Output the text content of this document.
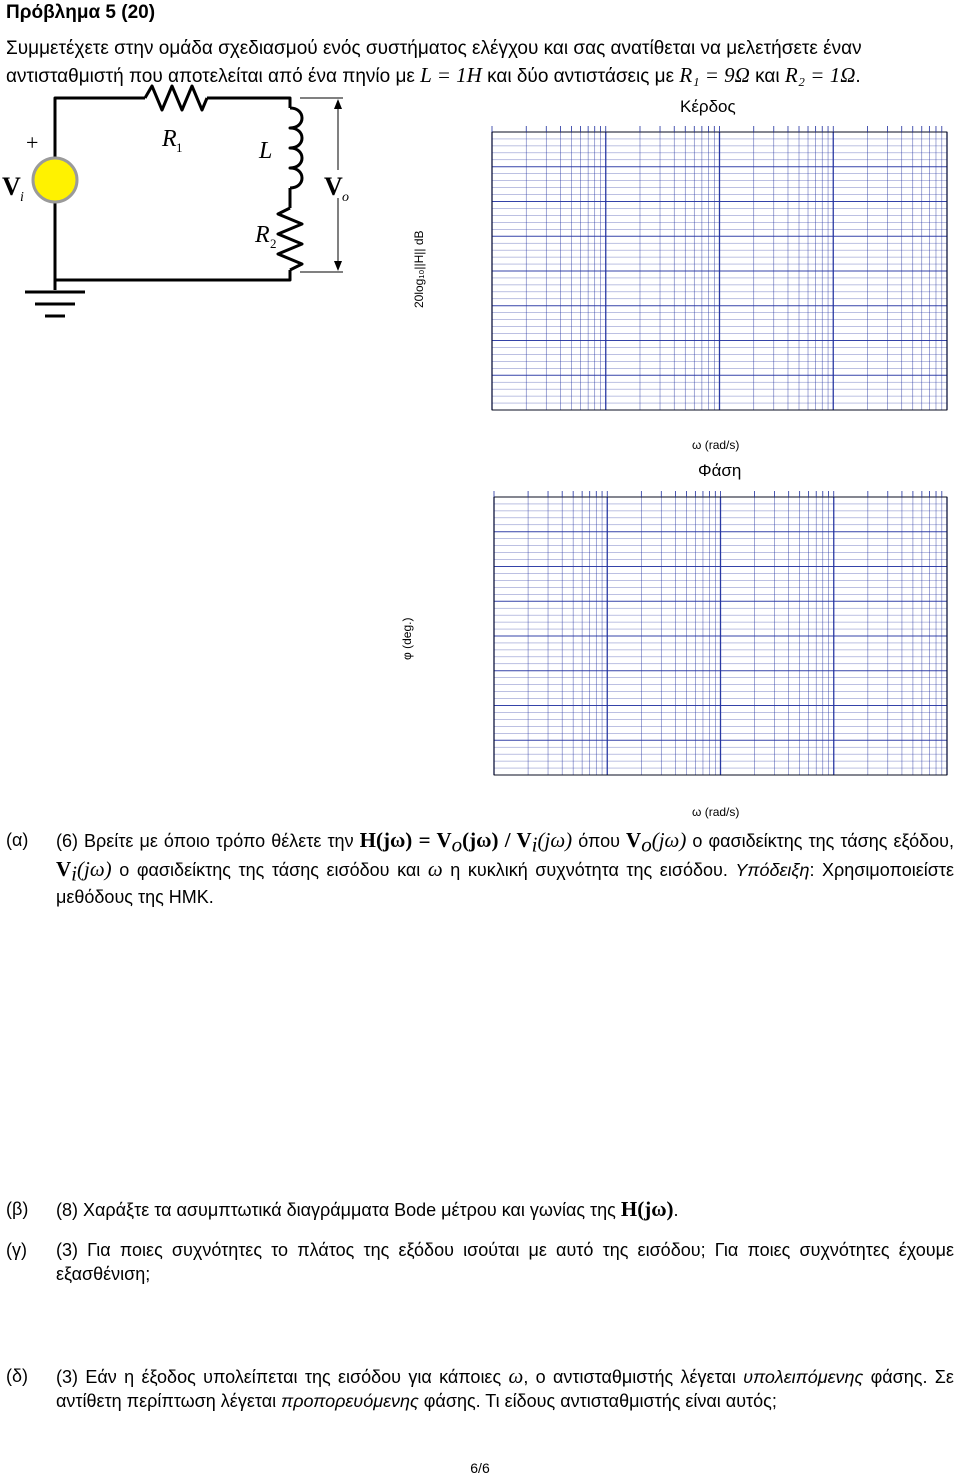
Πρόβλημα 5 (20)
Συμμετέχετε στην ομάδα σχεδιασμού ενός συστήματος ελέγχου και σας ανατίθεται να μελετήσετε έναν
αντισταθμιστή που αποτελείται από ένα πηνίο με L = 1H και δύο αντιστάσεις με R₁ = 9Ω και R₂ = 1Ω.
+
V i
R 1	L
V o
R 2
Κέρδος
20log₁₀||H|| dB
ω (rad/s)
Φάση
φ (deg.)
ω (rad/s)
(α) (6) Βρείτε με όποιο τρόπο θέλετε την $H(j\omega) = V_o(j\omega) / V_i(j\omega)$ όπου $V_o(j\omega)$ ο φασιδείκτης της τάσης εξόδου, $V_i(j\omega)$ ο φασιδείκτης της τάσης εισόδου και ω η κυκλική συχνότητα της εισόδου. Υπόδειξη: Χρησιμοποιείστε μεθόδους της ΗΜΚ.
(β) (8) Χαράξτε τα ασυμπτωτικά διαγράμματα Bode μέτρου και γωνίας της H(jω).
(γ) (3) Για ποιες συχνότητες το πλάτος της εξόδου ισούται με αυτό της εισόδου; Για ποιες συχνότητες έχουμε εξασθένιση;
(δ) (3) Εάν η έξοδος υπολείπεται της εισόδου για κάποιες ω, ο αντισταθμιστής λέγεται υπολειπόμενης φάσης. Σε αντίθετη περίπτωση λέγεται προπορευόμενης φάσης. Τι είδους αντισταθμιστής είναι αυτός;
6/6
